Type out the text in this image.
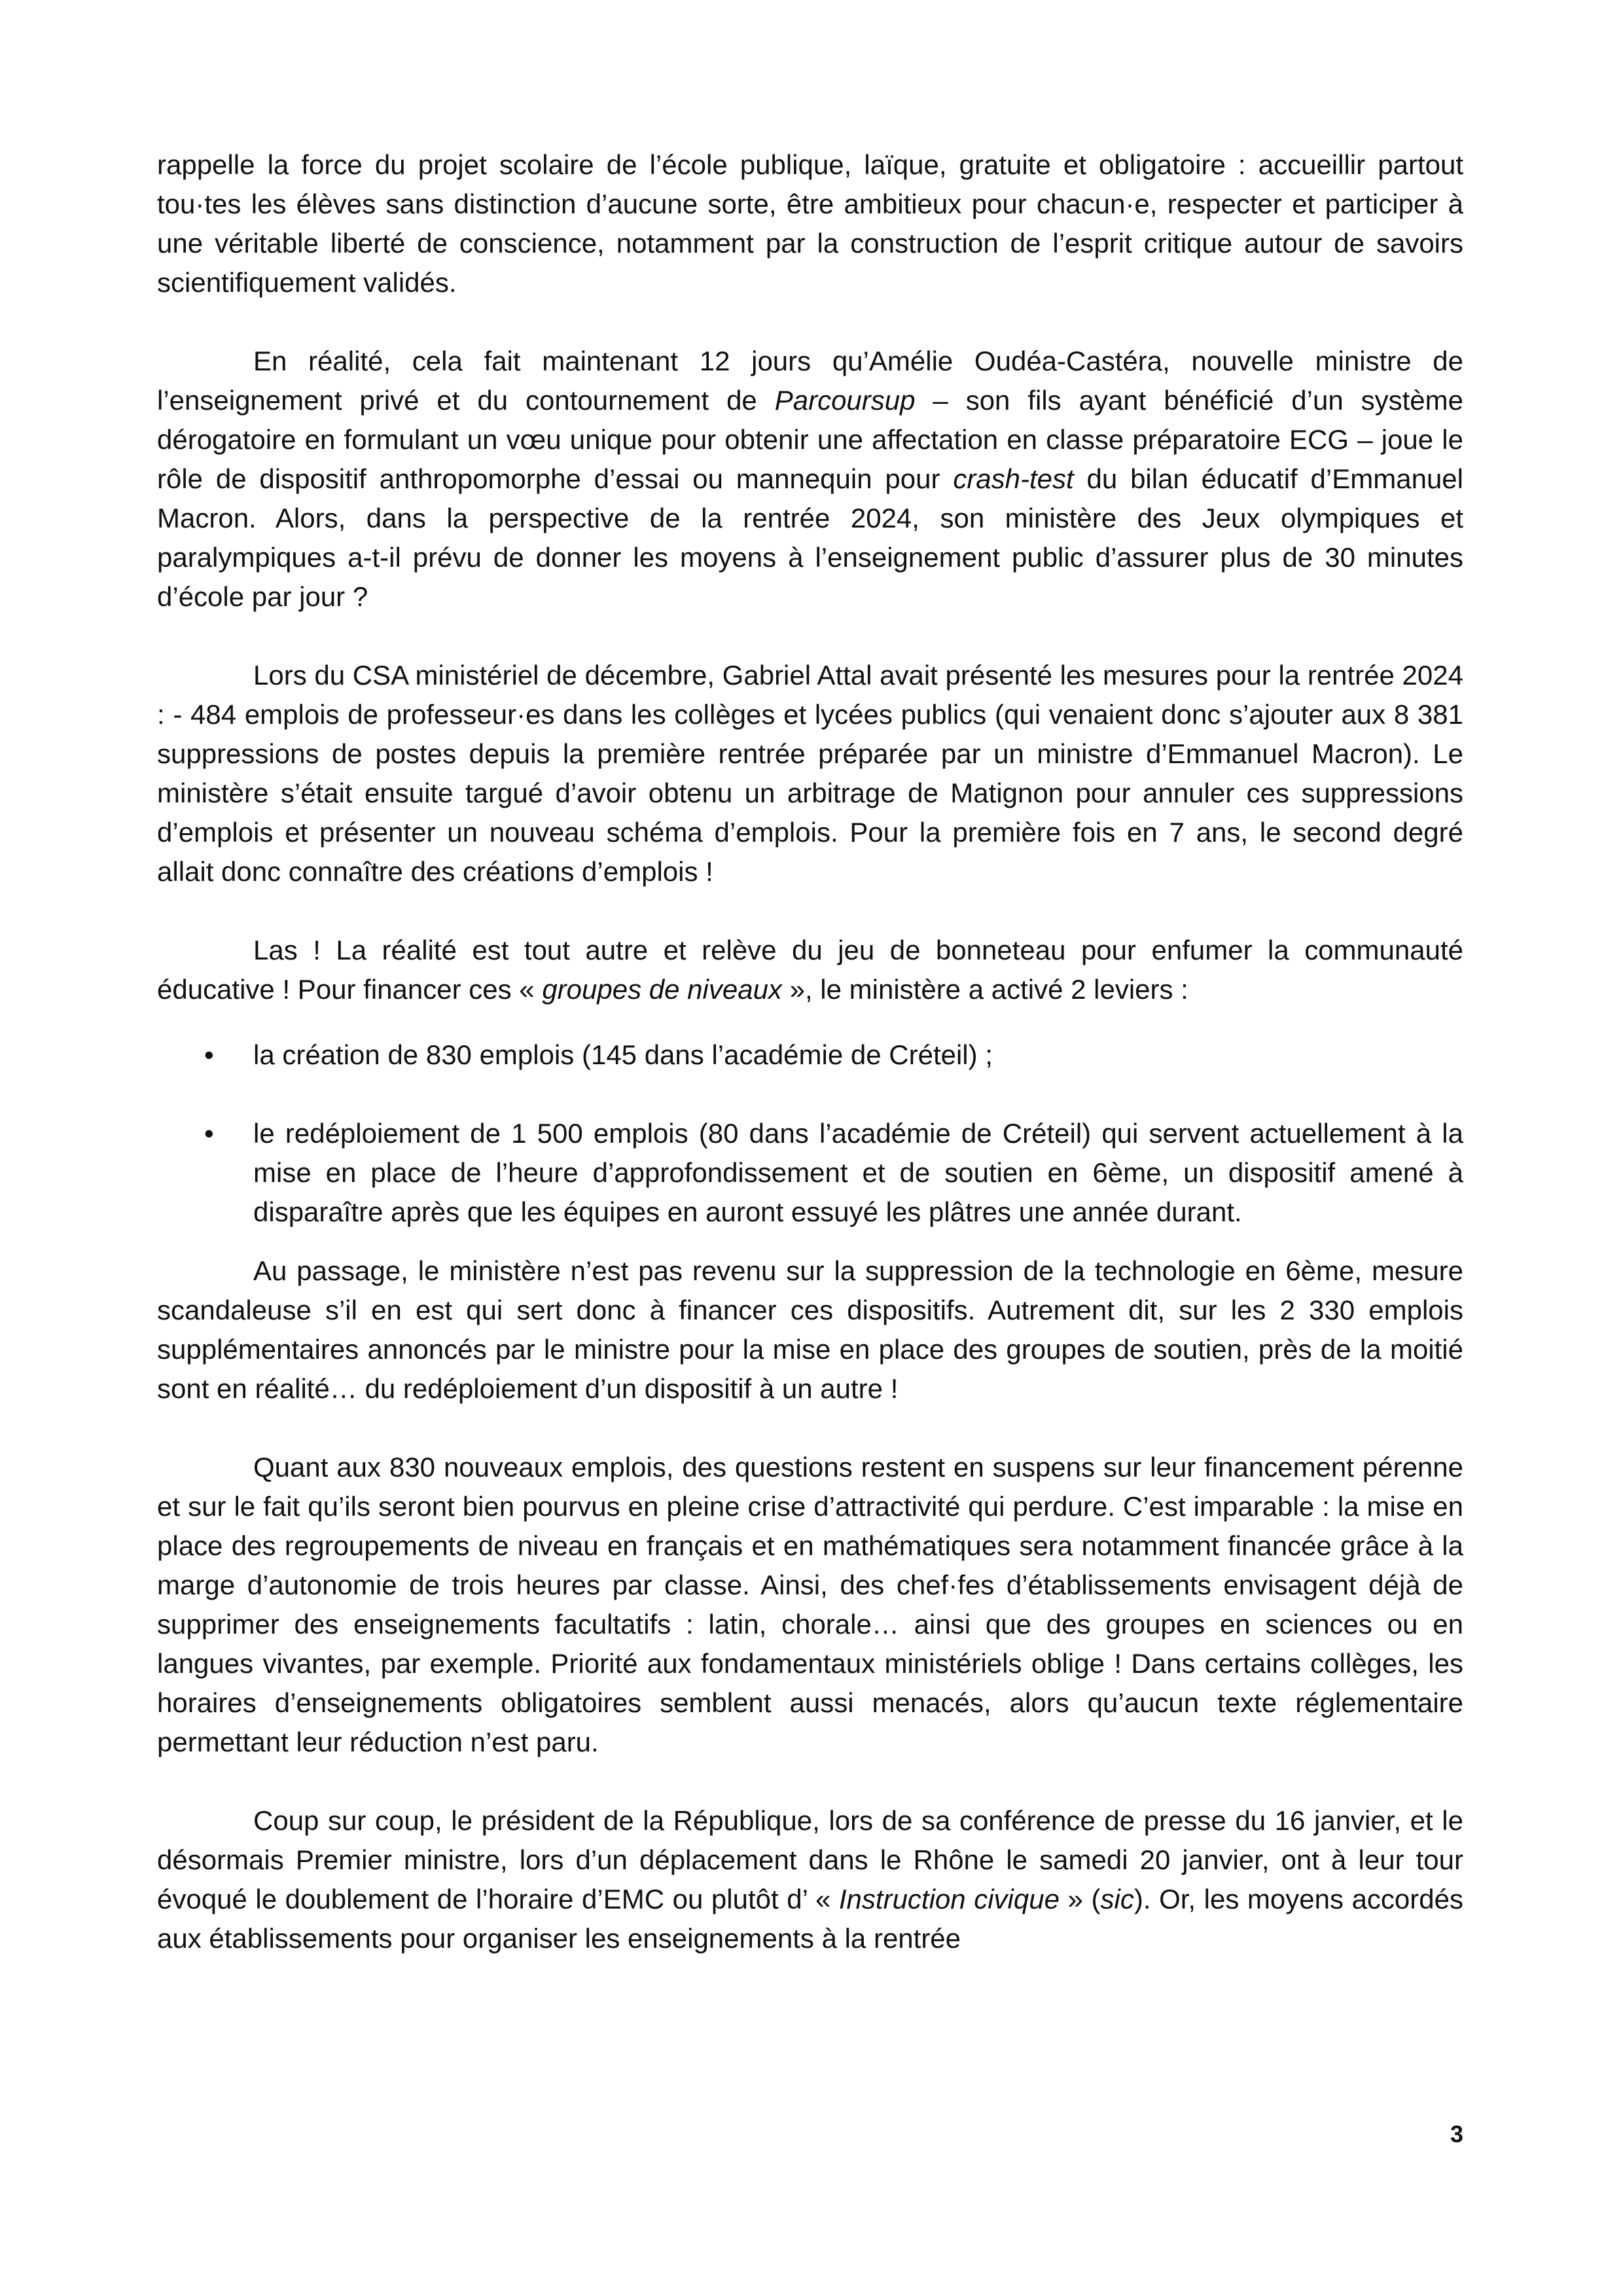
rappelle la force du projet scolaire de l’école publique, laïque, gratuite et obligatoire : accueillir partout tou·tes les élèves sans distinction d’aucune sorte, être ambitieux pour chacun·e, respecter et participer à une véritable liberté de conscience, notamment par la construction de l’esprit critique autour de savoirs scientifiquement validés.

En réalité, cela fait maintenant 12 jours qu’Amélie Oudéa-Castéra, nouvelle ministre de l’enseignement privé et du contournement de Parcoursup – son fils ayant bénéficié d’un système dérogatoire en formulant un vœu unique pour obtenir une affectation en classe préparatoire ECG – joue le rôle de dispositif anthropomorphe d’essai ou mannequin pour crash-test du bilan éducatif d’Emmanuel Macron. Alors, dans la perspective de la rentrée 2024, son ministère des Jeux olympiques et paralympiques a-t-il prévu de donner les moyens à l’enseignement public d’assurer plus de 30 minutes d’école par jour ?

Lors du CSA ministériel de décembre, Gabriel Attal avait présenté les mesures pour la rentrée 2024 : - 484 emplois de professeur·es dans les collèges et lycées publics (qui venaient donc s’ajouter aux 8 381 suppressions de postes depuis la première rentrée préparée par un ministre d’Emmanuel Macron). Le ministère s’était ensuite targué d’avoir obtenu un arbitrage de Matignon pour annuler ces suppressions d’emplois et présenter un nouveau schéma d’emplois. Pour la première fois en 7 ans, le second degré allait donc connaître des créations d’emplois !

Las ! La réalité est tout autre et relève du jeu de bonneteau pour enfumer la communauté éducative ! Pour financer ces « groupes de niveaux », le ministère a activé 2 leviers :

• la création de 830 emplois (145 dans l’académie de Créteil) ;
• le redéploiement de 1 500 emplois (80 dans l’académie de Créteil) qui servent actuellement à la mise en place de l’heure d’approfondissement et de soutien en 6ème, un dispositif amené à disparaître après que les équipes en auront essuyé les plâtres une année durant.

Au passage, le ministère n’est pas revenu sur la suppression de la technologie en 6ème, mesure scandaleuse s’il en est qui sert donc à financer ces dispositifs. Autrement dit, sur les 2 330 emplois supplémentaires annoncés par le ministre pour la mise en place des groupes de soutien, près de la moitié sont en réalité… du redéploiement d’un dispositif à un autre !

Quant aux 830 nouveaux emplois, des questions restent en suspens sur leur financement pérenne et sur le fait qu’ils seront bien pourvus en pleine crise d’attractivité qui perdure. C’est imparable : la mise en place des regroupements de niveau en français et en mathématiques sera notamment financée grâce à la marge d’autonomie de trois heures par classe. Ainsi, des chef·fes d’établissements envisagent déjà de supprimer des enseignements facultatifs : latin, chorale… ainsi que des groupes en sciences ou en langues vivantes, par exemple. Priorité aux fondamentaux ministériels oblige ! Dans certains collèges, les horaires d’enseignements obligatoires semblent aussi menacés, alors qu’aucun texte réglementaire permettant leur réduction n’est paru.

Coup sur coup, le président de la République, lors de sa conférence de presse du 16 janvier, et le désormais Premier ministre, lors d’un déplacement dans le Rhône le samedi 20 janvier, ont à leur tour évoqué le doublement de l’horaire d’EMC ou plutôt d’ « Instruction civique » (sic). Or, les moyens accordés aux établissements pour organiser les enseignements à la rentrée

3
